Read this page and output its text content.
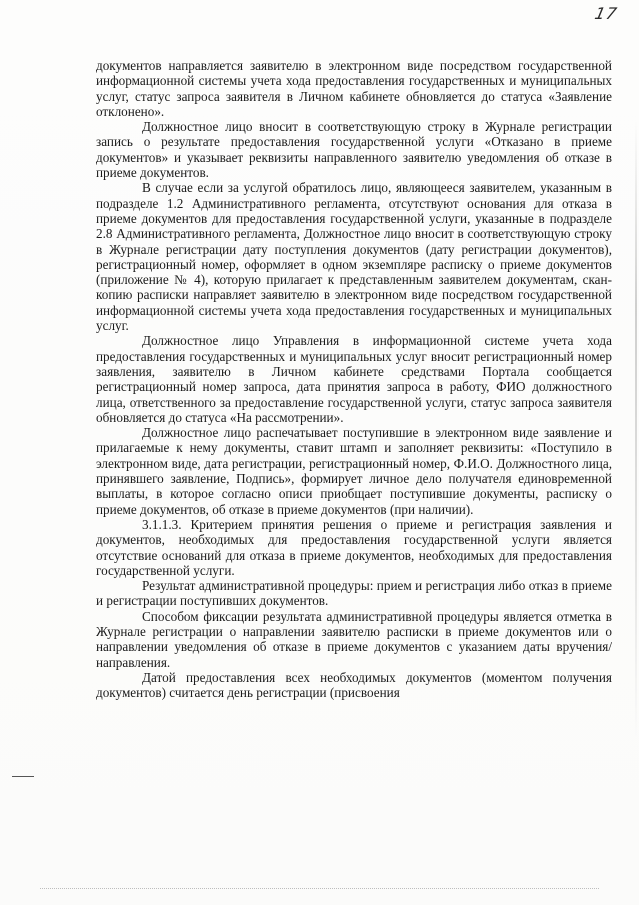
17

документов направляется заявителю в электронном виде посредством государственной информационной системы учета хода предоставления государственных и муниципальных услуг, статус запроса заявителя в Личном кабинете обновляется до статуса «Заявление отклонено».

Должностное лицо вносит в соответствующую строку в Журнале регистрации запись о результате предоставления государственной услуги «Отказано в приеме документов» и указывает реквизиты направленного заявителю уведомления об отказе в приеме документов.

В случае если за услугой обратилось лицо, являющееся заявителем, указанным в подразделе 1.2 Административного регламента, отсутствуют основания для отказа в приеме документов для предоставления государственной услуги, указанные в подразделе 2.8 Административного регламента, Должностное лицо вносит в соответствующую строку в Журнале регистрации дату поступления документов (дату регистрации документов), регистрационный номер, оформляет в одном экземпляре расписку о приеме документов (приложение № 4), которую прилагает к представленным заявителем документам, скан-копию расписки направляет заявителю в электронном виде посредством государственной информационной системы учета хода предоставления государственных и муниципальных услуг.

Должностное лицо Управления в информационной системе учета хода предоставления государственных и муниципальных услуг вносит регистрационный номер заявления, заявителю в Личном кабинете средствами Портала сообщается регистрационный номер запроса, дата принятия запроса в работу, ФИО должностного лица, ответственного за предоставление государственной услуги, статус запроса заявителя обновляется до статуса «На рассмотрении».

Должностное лицо распечатывает поступившие в электронном виде заявление и прилагаемые к нему документы, ставит штамп и заполняет реквизиты: «Поступило в электронном виде, дата регистрации, регистрационный номер, Ф.И.О. Должностного лица, принявшего заявление, Подпись», формирует личное дело получателя единовременной выплаты, в которое согласно описи приобщает поступившие документы, расписку о приеме документов, об отказе в приеме документов (при наличии).

3.1.1.3. Критерием принятия решения о приеме и регистрация заявления и документов, необходимых для предоставления государственной услуги является отсутствие оснований для отказа в приеме документов, необходимых для предоставления государственной услуги.

Результат административной процедуры: прием и регистрация либо отказ в приеме и регистрации поступивших документов.

Способом фиксации результата административной процедуры является отметка в Журнале регистрации о направлении заявителю расписки в приеме документов или о направлении уведомления об отказе в приеме документов с указанием даты вручения/направления.

Датой предоставления всех необходимых документов (моментом получения документов) считается день регистрации (присвоения
